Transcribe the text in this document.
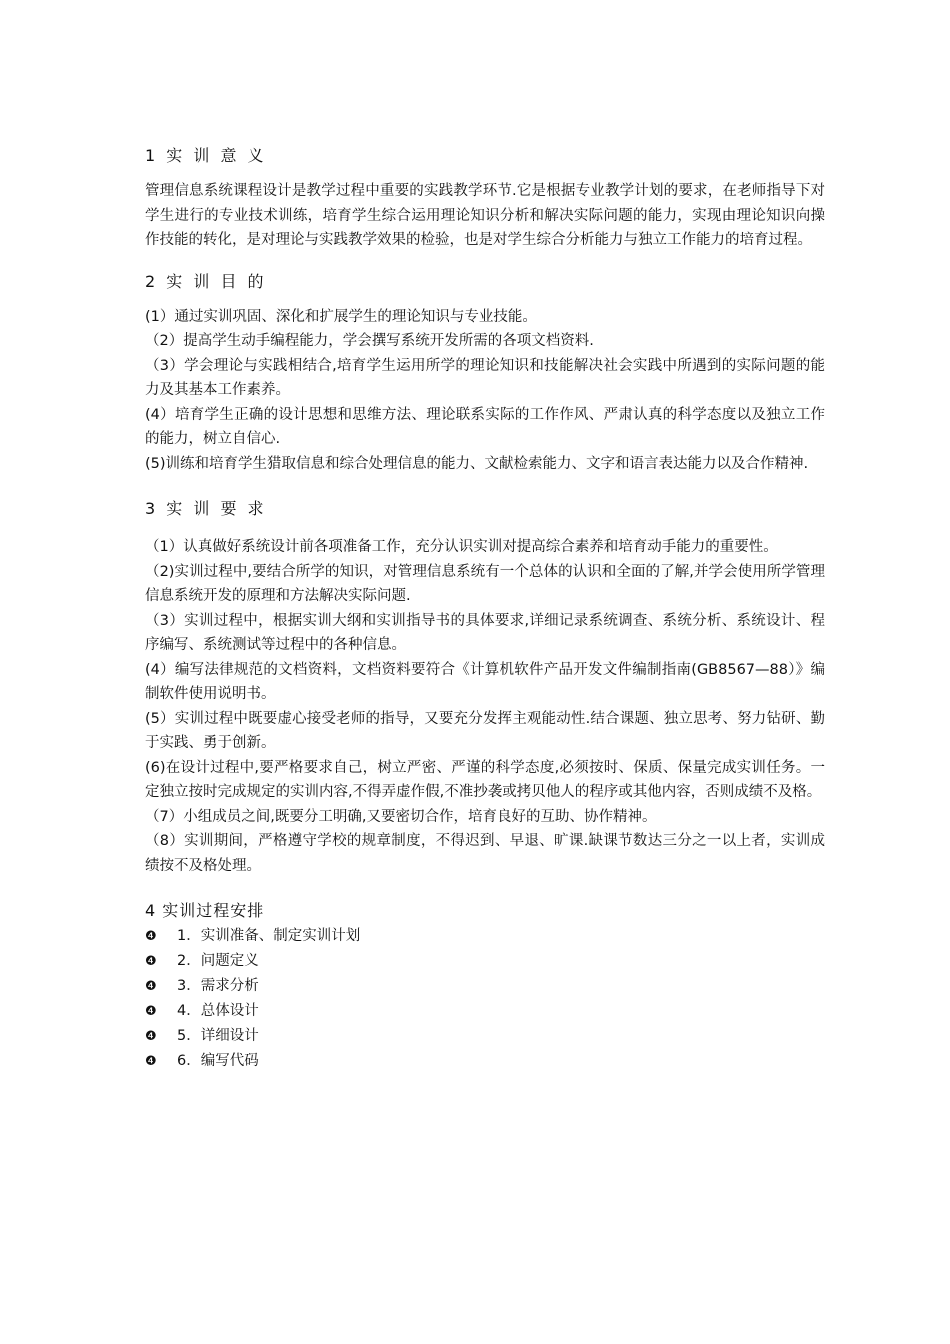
1 实 训 意 义

管理信息系统课程设计是教学过程中重要的实践教学环节.它是根据专业教学计划的要求，在老师指导下对学生进行的专业技术训练，培育学生综合运用理论知识分析和解决实际问题的能力，实现由理论知识向操作技能的转化，是对理论与实践教学效果的检验，也是对学生综合分析能力与独立工作能力的培育过程。

2 实 训 目 的

(1）通过实训巩固、深化和扩展学生的理论知识与专业技能。

（2）提高学生动手编程能力，学会撰写系统开发所需的各项文档资料.

（3）学会理论与实践相结合,培育学生运用所学的理论知识和技能解决社会实践中所遇到的实际问题的能力及其基本工作素养。

(4）培育学生正确的设计思想和思维方法、理论联系实际的工作作风、严肃认真的科学态度以及独立工作的能力，树立自信心.

(5)训练和培育学生猎取信息和综合处理信息的能力、文献检索能力、文字和语言表达能力以及合作精神.

3 实 训 要 求

（1）认真做好系统设计前各项准备工作，充分认识实训对提高综合素养和培育动手能力的重要性。

（2)实训过程中,要结合所学的知识，对管理信息系统有一个总体的认识和全面的了解,并学会使用所学管理信息系统开发的原理和方法解决实际问题.

（3）实训过程中，根据实训大纲和实训指导书的具体要求,详细记录系统调查、系统分析、系统设计、程序编写、系统测试等过程中的各种信息。

(4）编写法律规范的文档资料，文档资料要符合《计算机软件产品开发文件编制指南(GB8567—88）》编制软件使用说明书。

(5）实训过程中既要虚心接受老师的指导，又要充分发挥主观能动性.结合课题、独立思考、努力钻研、勤于实践、勇于创新。

(6)在设计过程中,要严格要求自己，树立严密、严谨的科学态度,必须按时、保质、保量完成实训任务。一定独立按时完成规定的实训内容,不得弄虚作假,不准抄袭或拷贝他人的程序或其他内容，否则成绩不及格。

（7）小组成员之间,既要分工明确,又要密切合作，培育良好的互助、协作精神。

（8）实训期间，严格遵守学校的规章制度，不得迟到、早退、旷课.缺课节数达三分之一以上者，实训成绩按不及格处理。

4 实训过程安排
❹	1．实训准备、制定实训计划
❹	2．问题定义
❹	3．需求分析
❹	4．总体设计
❹	5．详细设计
❹	6．编写代码
